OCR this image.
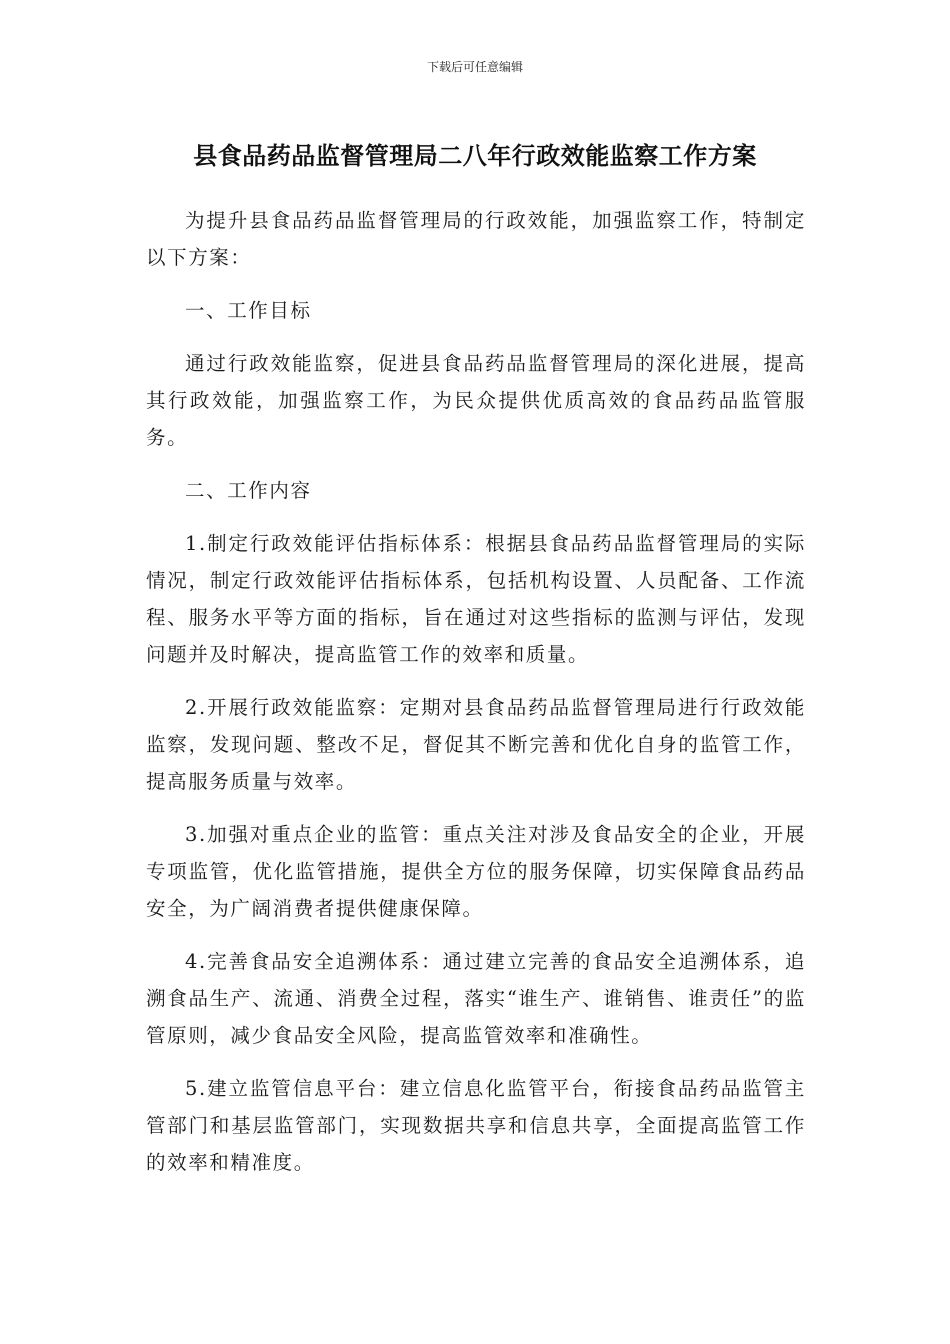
下载后可任意编辑
县食品药品监督管理局二八年行政效能监察工作方案

为提升县食品药品监督管理局的行政效能，加强监察工作，特制定以下方案：

一、工作目标

通过行政效能监察，促进县食品药品监督管理局的深化进展，提高其行政效能，加强监察工作，为民众提供优质高效的食品药品监管服务。

二、工作内容

1.制定行政效能评估指标体系：根据县食品药品监督管理局的实际情况，制定行政效能评估指标体系，包括机构设置、人员配备、工作流程、服务水平等方面的指标，旨在通过对这些指标的监测与评估，发现问题并及时解决，提高监管工作的效率和质量。

2.开展行政效能监察：定期对县食品药品监督管理局进行行政效能监察，发现问题、整改不足，督促其不断完善和优化自身的监管工作，提高服务质量与效率。

3.加强对重点企业的监管：重点关注对涉及食品安全的企业，开展专项监管，优化监管措施，提供全方位的服务保障，切实保障食品药品安全，为广阔消费者提供健康保障。

4.完善食品安全追溯体系：通过建立完善的食品安全追溯体系，追溯食品生产、流通、消费全过程，落实“谁生产、谁销售、谁责任”的监管原则，减少食品安全风险，提高监管效率和准确性。

5.建立监管信息平台：建立信息化监管平台，衔接食品药品监管主管部门和基层监管部门，实现数据共享和信息共享，全面提高监管工作的效率和精准度。
